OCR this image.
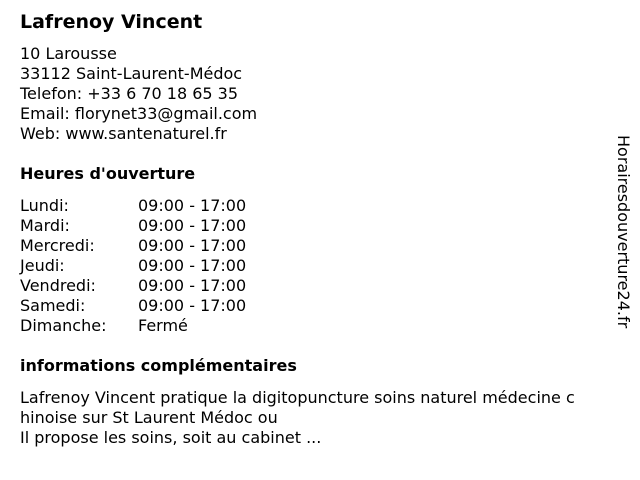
Lafrenoy Vincent
10 Larousse
33112 Saint-Laurent-Médoc
Telefon: +33 6 70 18 65 35
Email: florynet33@gmail.com
Web: www.santenaturel.fr
Heures d'ouverture
Lundi:	09:00 - 17:00
Mardi:	09:00 - 17:00
Mercredi:	09:00 - 17:00
Jeudi:	09:00 - 17:00
Vendredi:	09:00 - 17:00
Samedi:	09:00 - 17:00
Dimanche:	Fermé
informations complémentaires
Lafrenoy Vincent pratique la digitopuncture soins naturel médecine c
hinoise sur St Laurent Médoc ou
Il propose les soins, soit au cabinet ...
Horairesdouverture24.fr
